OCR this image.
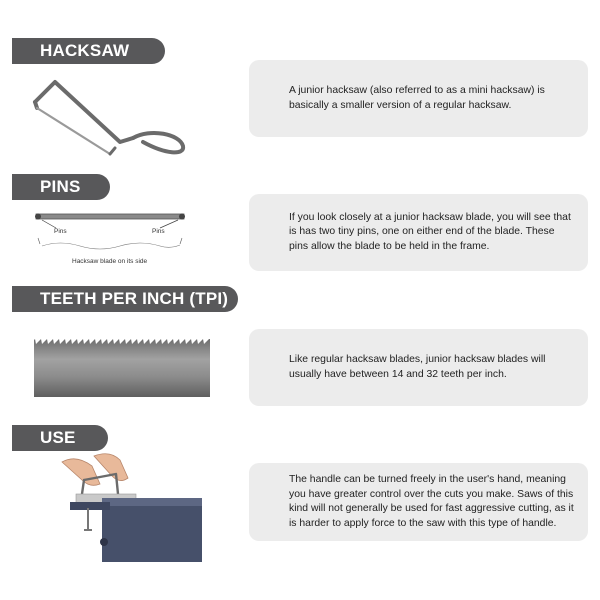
HACKSAW

A junior hacksaw (also referred to as a mini hacksaw) is basically a smaller version of a regular hacksaw.

PINS
Pins	Pins
Hacksaw blade on its side

If you look closely at a junior hacksaw blade, you will see that is has two tiny pins, one on either end of the blade. These pins allow the blade to be held in the frame.

TEETH PER INCH (TPI)

Like regular hacksaw blades, junior hacksaw blades will usually have between 14 and 32 teeth per inch.

USE

The handle can be turned freely in the user's hand, meaning you have greater control over the cuts you make. Saws of this kind will not generally be used for fast aggressive cutting, as it is harder to apply force to the saw with this type of handle.
